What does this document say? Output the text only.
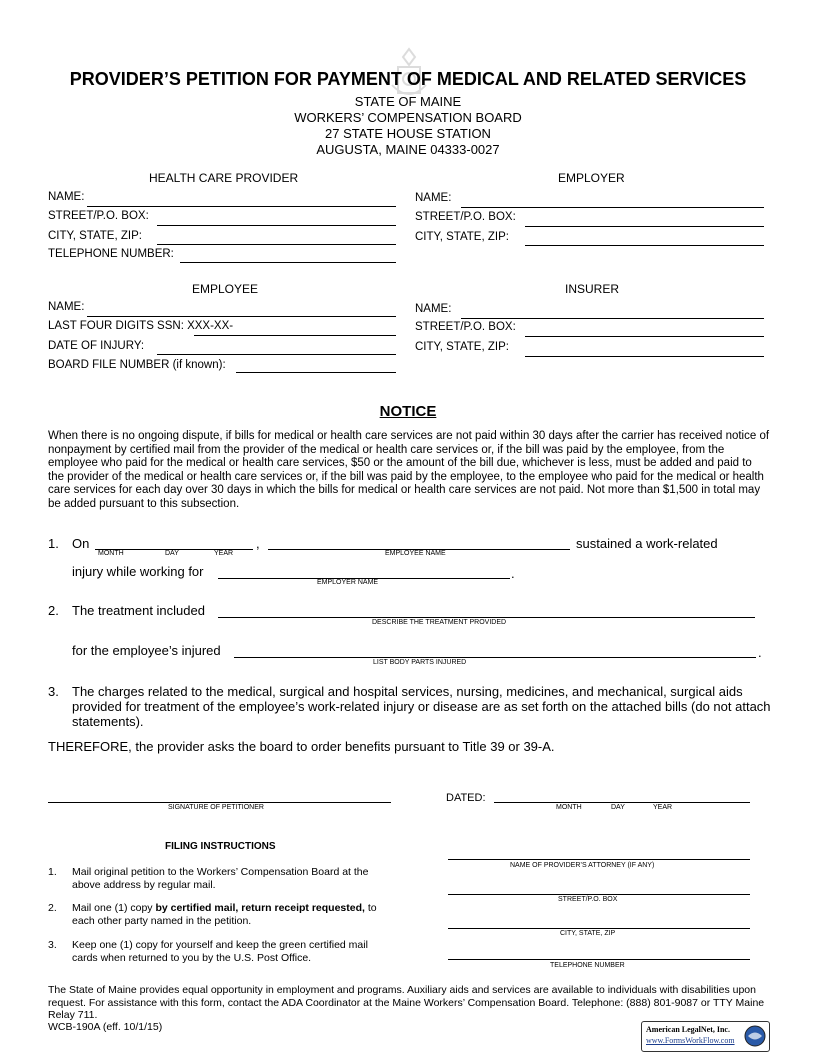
PROVIDER’S PETITION FOR PAYMENT OF MEDICAL AND RELATED SERVICES
STATE OF MAINE
WORKERS’ COMPENSATION BOARD
27 STATE HOUSE STATION
AUGUSTA, MAINE 04333-0027
HEALTH CARE PROVIDER
NAME:
STREET/P.O. BOX:
CITY, STATE, ZIP:
TELEPHONE NUMBER:
EMPLOYER
NAME:
STREET/P.O. BOX:
CITY, STATE, ZIP:
EMPLOYEE
NAME:
LAST FOUR DIGITS SSN: XXX-XX-
DATE OF INJURY:
BOARD FILE NUMBER (if known):
INSURER
NAME:
STREET/P.O. BOX:
CITY, STATE, ZIP:
NOTICE
When there is no ongoing dispute, if bills for medical or health care services are not paid within 30 days after the carrier has received notice of nonpayment by certified mail from the provider of the medical or health care services or, if the bill was paid by the employee, from the employee who paid for the medical or health care services, $50 or the amount of the bill due, whichever is less, must be added and paid to the provider of the medical or health care services or, if the bill was paid by the employee, to the employee who paid for the medical or health care services for each day over 30 days in which the bills for medical or health care services are not paid. Not more than $1,500 in total may be added pursuant to this subsection.
1. On	,
MONTH	DAY	YEAR	EMPLOYEE NAME
sustained a work-related
injury while working for	.
EMPLOYER NAME
2. The treatment included
DESCRIBE THE TREATMENT PROVIDED
for the employee’s injured	.
LIST BODY PARTS INJURED
3. The charges related to the medical, surgical and hospital services, nursing, medicines, and mechanical, surgical aids provided for treatment of the employee’s work-related injury or disease are as set forth on the attached bills (do not attach statements).
THEREFORE, the provider asks the board to order benefits pursuant to Title 39 or 39-A.
SIGNATURE OF PETITIONER
DATED:
MONTH	DAY	YEAR
FILING INSTRUCTIONS
1. Mail original petition to the Workers’ Compensation Board at the above address by regular mail.
2. Mail one (1) copy by certified mail, return receipt requested, to each other party named in the petition.
3. Keep one (1) copy for yourself and keep the green certified mail cards when returned to you by the U.S. Post Office.
NAME OF PROVIDER’S ATTORNEY (IF ANY)
STREET/P.O. BOX
CITY, STATE, ZIP
TELEPHONE NUMBER
The State of Maine provides equal opportunity in employment and programs. Auxiliary aids and services are available to individuals with disabilities upon request. For assistance with this form, contact the ADA Coordinator at the Maine Workers’ Compensation Board. Telephone: (888) 801-9087 or TTY Maine Relay 711.
WCB-190A (eff. 10/1/15)	American LegalNet, Inc.
www.FormsWorkFlow.com
